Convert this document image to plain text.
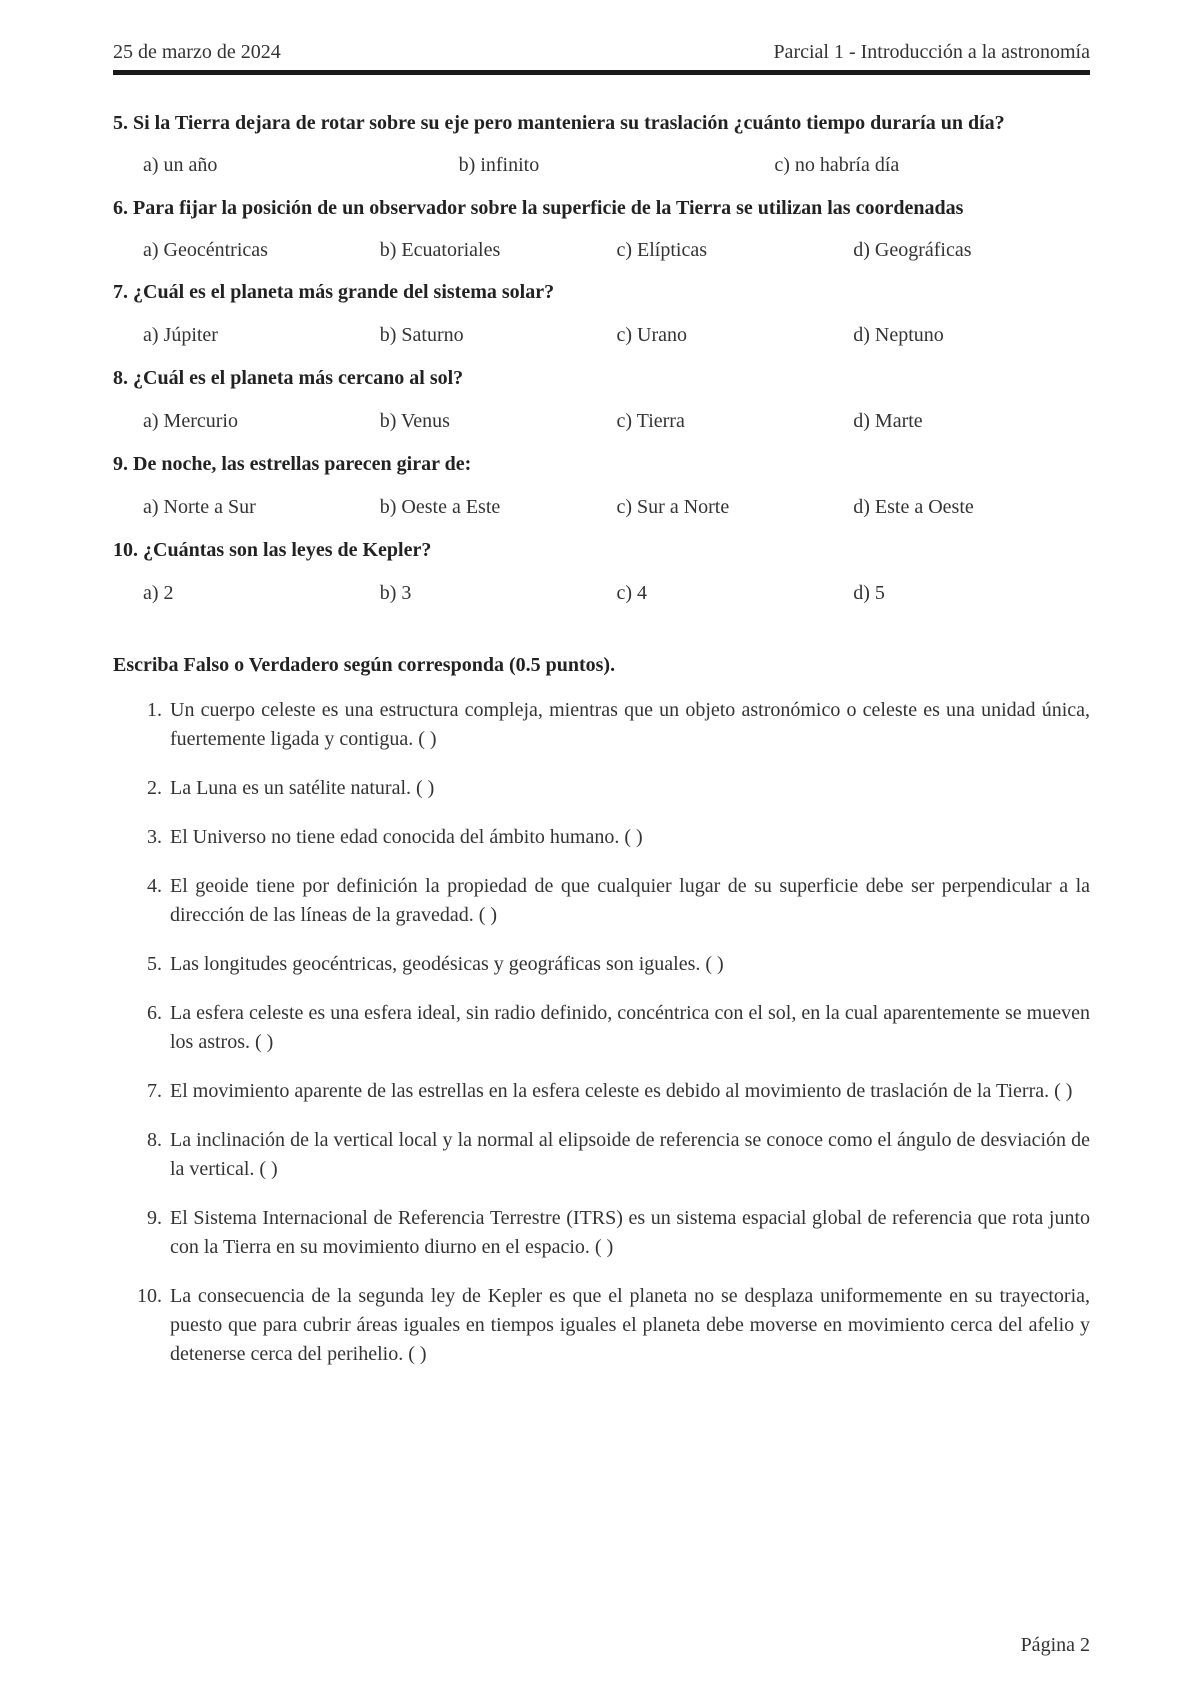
25 de marzo de 2024	Parcial 1 - Introducción a la astronomía
5. Si la Tierra dejara de rotar sobre su eje pero manteniera su traslación ¿cuánto tiempo duraría un día?
a) un año	b) infinito	c) no habría día
6. Para fijar la posición de un observador sobre la superficie de la Tierra se utilizan las coordenadas
a) Geocéntricas	b) Ecuatoriales	c) Elípticas	d) Geográficas
7. ¿Cuál es el planeta más grande del sistema solar?
a) Júpiter	b) Saturno	c) Urano	d) Neptuno
8. ¿Cuál es el planeta más cercano al sol?
a) Mercurio	b) Venus	c) Tierra	d) Marte
9. De noche, las estrellas parecen girar de:
a) Norte a Sur	b) Oeste a Este	c) Sur a Norte	d) Este a Oeste
10. ¿Cuántas son las leyes de Kepler?
a) 2	b) 3	c) 4	d) 5
Escriba Falso o Verdadero según corresponda (0.5 puntos).
1. Un cuerpo celeste es una estructura compleja, mientras que un objeto astronómico o celeste es una unidad única, fuertemente ligada y contigua. ( )
2. La Luna es un satélite natural. ( )
3. El Universo no tiene edad conocida del ámbito humano. ( )
4. El geoide tiene por definición la propiedad de que cualquier lugar de su superficie debe ser perpendicular a la dirección de las líneas de la gravedad. ( )
5. Las longitudes geocéntricas, geodésicas y geográficas son iguales. ( )
6. La esfera celeste es una esfera ideal, sin radio definido, concéntrica con el sol, en la cual aparentemente se mueven los astros. ( )
7. El movimiento aparente de las estrellas en la esfera celeste es debido al movimiento de traslación de la Tierra. ( )
8. La inclinación de la vertical local y la normal al elipsoide de referencia se conoce como el ángulo de desviación de la vertical. ( )
9. El Sistema Internacional de Referencia Terrestre (ITRS) es un sistema espacial global de referencia que rota junto con la Tierra en su movimiento diurno en el espacio. ( )
10. La consecuencia de la segunda ley de Kepler es que el planeta no se desplaza uniformemente en su trayectoria, puesto que para cubrir áreas iguales en tiempos iguales el planeta debe moverse en movimiento cerca del afelio y detenerse cerca del perihelio. ( )
Página 2
